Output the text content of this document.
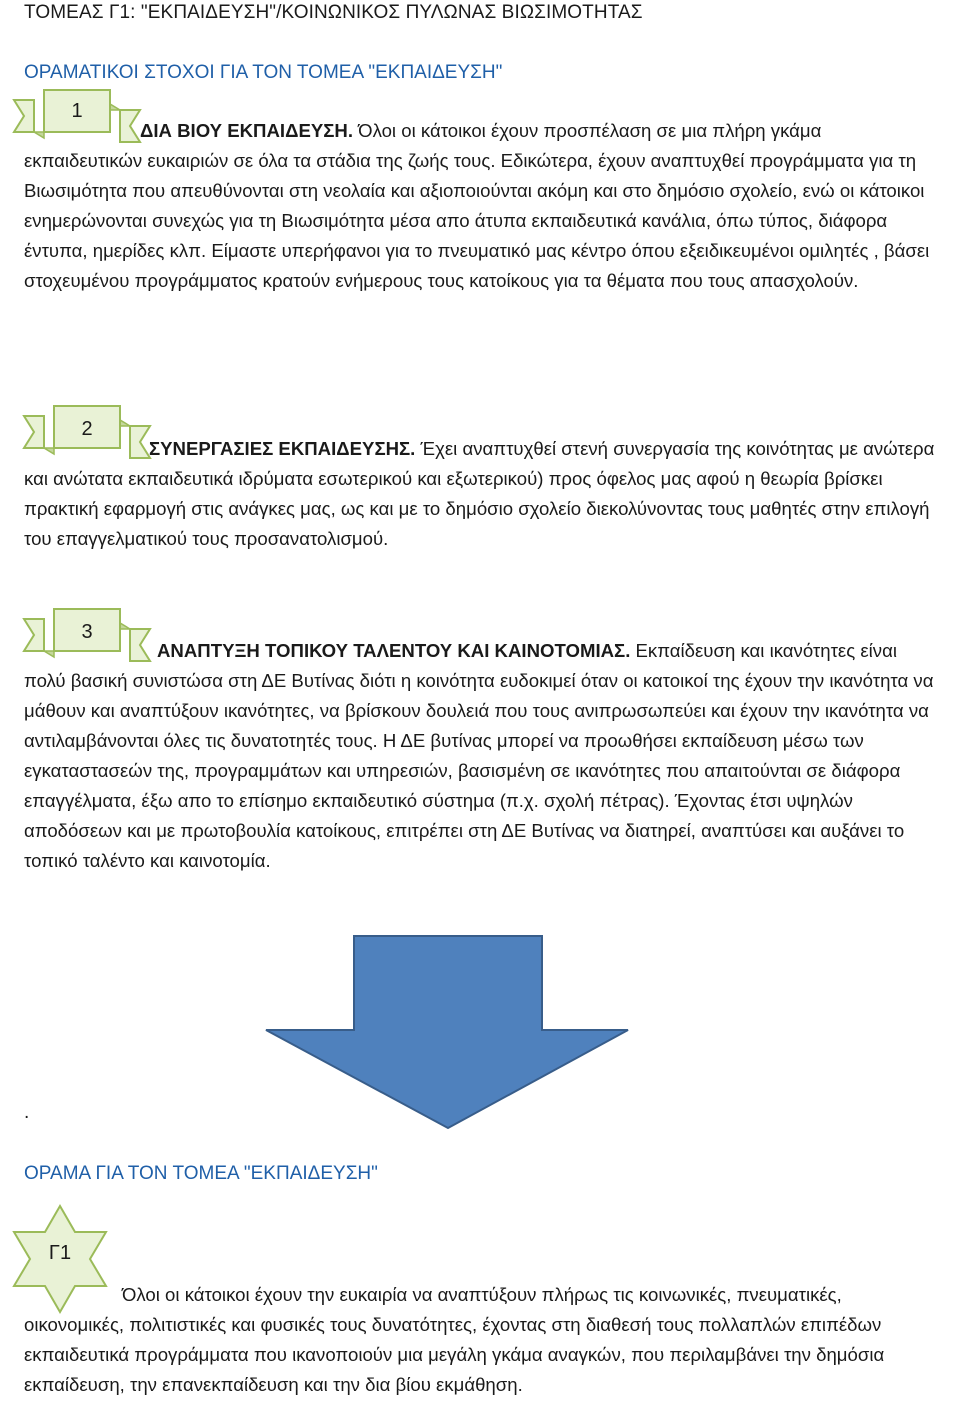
ΤΟΜΕΑΣ Γ1: "ΕΚΠΑΙΔΕΥΣΗ"/ΚΟΙΝΩΝΙΚΟΣ ΠΥΛΩΝΑΣ ΒΙΩΣΙΜΟΤΗΤΑΣ
ΟΡΑΜΑΤΙΚΟΙ ΣΤΟΧΟΙ ΓΙΑ ΤΟΝ ΤΟΜΕΑ "ΕΚΠΑΙΔΕΥΣΗ"
1
ΔΙΑ ΒΙΟΥ ΕΚΠΑΙΔΕΥΣΗ. Όλοι οι κάτοικοι έχουν προσπέλαση σε μια πλήρη γκάμα εκπαιδευτικών ευκαιριών σε όλα τα στάδια της ζωής τους. Εδικώτερα, έχουν αναπτυχθεί προγράμματα για τη Βιωσιμότητα που απευθύνονται στη νεολαία και αξιοποιούνται ακόμη και στο δημόσιο σχολείο, ενώ οι κάτοικοι ενημερώνονται συνεχώς για τη Βιωσιμότητα μέσα απο άτυπα εκπαιδευτικά κανάλια, όπω τύπος, διάφορα έντυπα, ημερίδες κλπ. Είμαστε υπερήφανοι για το πνευματικό μας κέντρο όπου εξειδικευμένοι ομιλητές , βάσει στοχευμένου προγράμματος κρατούν ενήμερους τους κατοίκους για τα θέματα που τους απασχολούν.
2
ΣΥΝΕΡΓΑΣΙΕΣ ΕΚΠΑΙΔΕΥΣΗΣ. Έχει αναπτυχθεί στενή συνεργασία της κοινότητας με ανώτερα και ανώτατα εκπαιδευτικά ιδρύματα εσωτερικού και εξωτερικού) προς όφελος μας αφού η θεωρία βρίσκει πρακτική εφαρμογή στις ανάγκες μας, ως και με το δημόσιο σχολείο διεκολύνοντας τους μαθητές στην επιλογή του επαγγελματικού τους προσανατολισμού.
3
ΑΝΑΠΤΥΞΗ ΤΟΠΙΚΟΥ ΤΑΛΕΝΤΟΥ ΚΑΙ ΚΑΙΝΟΤΟΜΙΑΣ. Εκπαίδευση και ικανότητες είναι πολύ βασική συνιστώσα στη ΔΕ Βυτίνας διότι η κοινότητα ευδοκιμεί όταν οι κατοικοί της έχουν την ικανότητα να μάθουν και αναπτύξουν ικανότητες, να βρίσκουν δουλειά που τους ανιπρωσωπεύει και έχουν την ικανότητα να αντιλαμβάνονται όλες τις δυνατοτητές τους. Η ΔΕ βυτίνας μπορεί να προωθήσει εκπαίδευση μέσω των εγκαταστασεών της, προγραμμάτων και υπηρεσιών, βασισμένη σε ικανότητες που απαιτούνται σε διάφορα επαγγέλματα, έξω απο το επίσημο εκπαιδευτικό σύστημα (π.χ. σχολή πέτρας). Έχοντας έτσι υψηλών αποδόσεων και με πρωτοβουλία κατοίκους, επιτρέπει στη ΔΕ Βυτίνας να διατηρεί, αναπτύσει και αυξάνει το τοπικό ταλέντο και καινοτομία.
.
ΟΡΑΜΑ ΓΙΑ ΤΟΝ ΤΟΜΕΑ "ΕΚΠΑΙΔΕΥΣΗ"
Γ1
Όλοι οι κάτοικοι έχουν την ευκαιρία να αναπτύξουν πλήρως τις κοινωνικές, πνευματικές, οικονομικές, πολιτιστικές και φυσικές τους δυνατότητες, έχοντας στη διαθεσή τους πολλαπλών επιπέδων εκπαιδευτικά προγράμματα που ικανοποιούν μια μεγάλη γκάμα αναγκών, που περιλαμβάνει την δημόσια εκπαίδευση, την επανεκπαίδευση και την δια βίου εκμάθηση.
